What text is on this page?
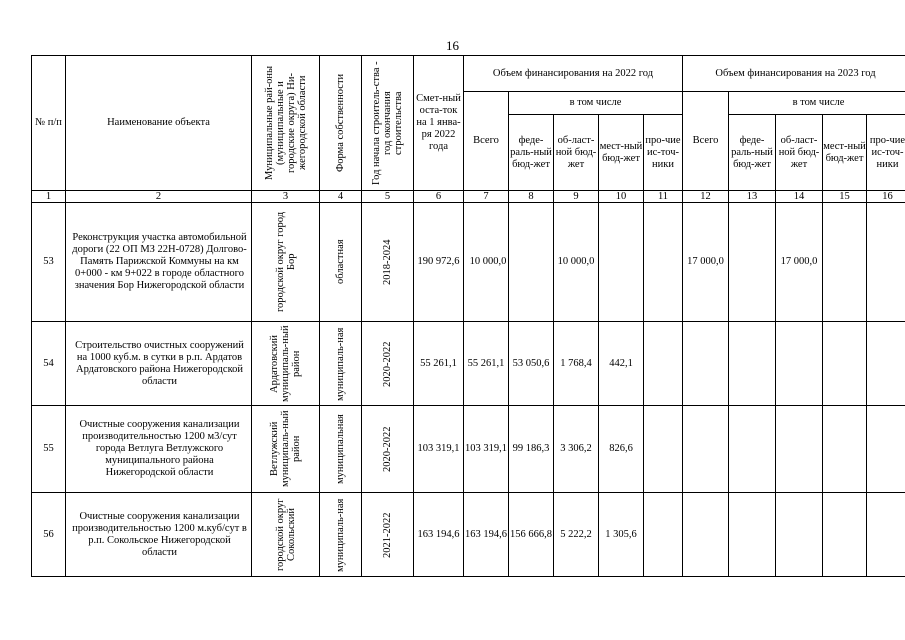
16
№ п/п	Наименование объекта	Муниципальные рай-оны (муниципальные и городские округа) Ни-жегородской области	Форма собственности	Год начала строитель-ства - год окончания строительства	Смет-ный оста-ток на 1 янва-ря 2022 года	Объем финансирования на 2022 год					Объем финансирования на 2023 год				
						Всего	в том числе				Всего	в том числе			
							феде-раль-ный бюд-жет	об-ласт-ной бюд-жет	мест-ный бюд-жет	про-чие ис-точ-ники		феде-раль-ный бюд-жет	об-ласт-ной бюд-жет	мест-ный бюд-жет	про-чие ис-точ-ники
1	2	3	4	5	6	7	8	9	10	11	12	13	14	15	16
53	Реконструкция участка автомобильной дороги (22 ОП МЗ 22Н-0728) Долгово-Память Парижской Коммуны на км 0+000 - км 9+022 в городе областного значения Бор Нижегородской области	городской округ город Бор	областная	2018-2024	190 972,6	10 000,0		10 000,0			17 000,0		17 000,0		
54	Строительство очистных сооружений на 1000 куб.м. в сутки в р.п. Ардатов Ардатовского района Нижегородской области	Ардатовский муниципаль-ный район	муниципаль-ная	2020-2022	55 261,1	55 261,1	53 050,6	1 768,4	442,1						
55	Очистные сооружения канализации производительностью 1200 м3/сут города Ветлуга Ветлужского муниципального района Нижегородской области	Ветлужский муниципаль-ный район	муниципальная	2020-2022	103 319,1	103 319,1	99 186,3	3 306,2	826,6						
56	Очистные сооружения канализации производительностью 1200 м.куб/сут в р.п. Сокольское Нижегородской области	городской округ Сокольский	муниципаль-ная	2021-2022	163 194,6	163 194,6	156 666,8	5 222,2	1 305,6						
